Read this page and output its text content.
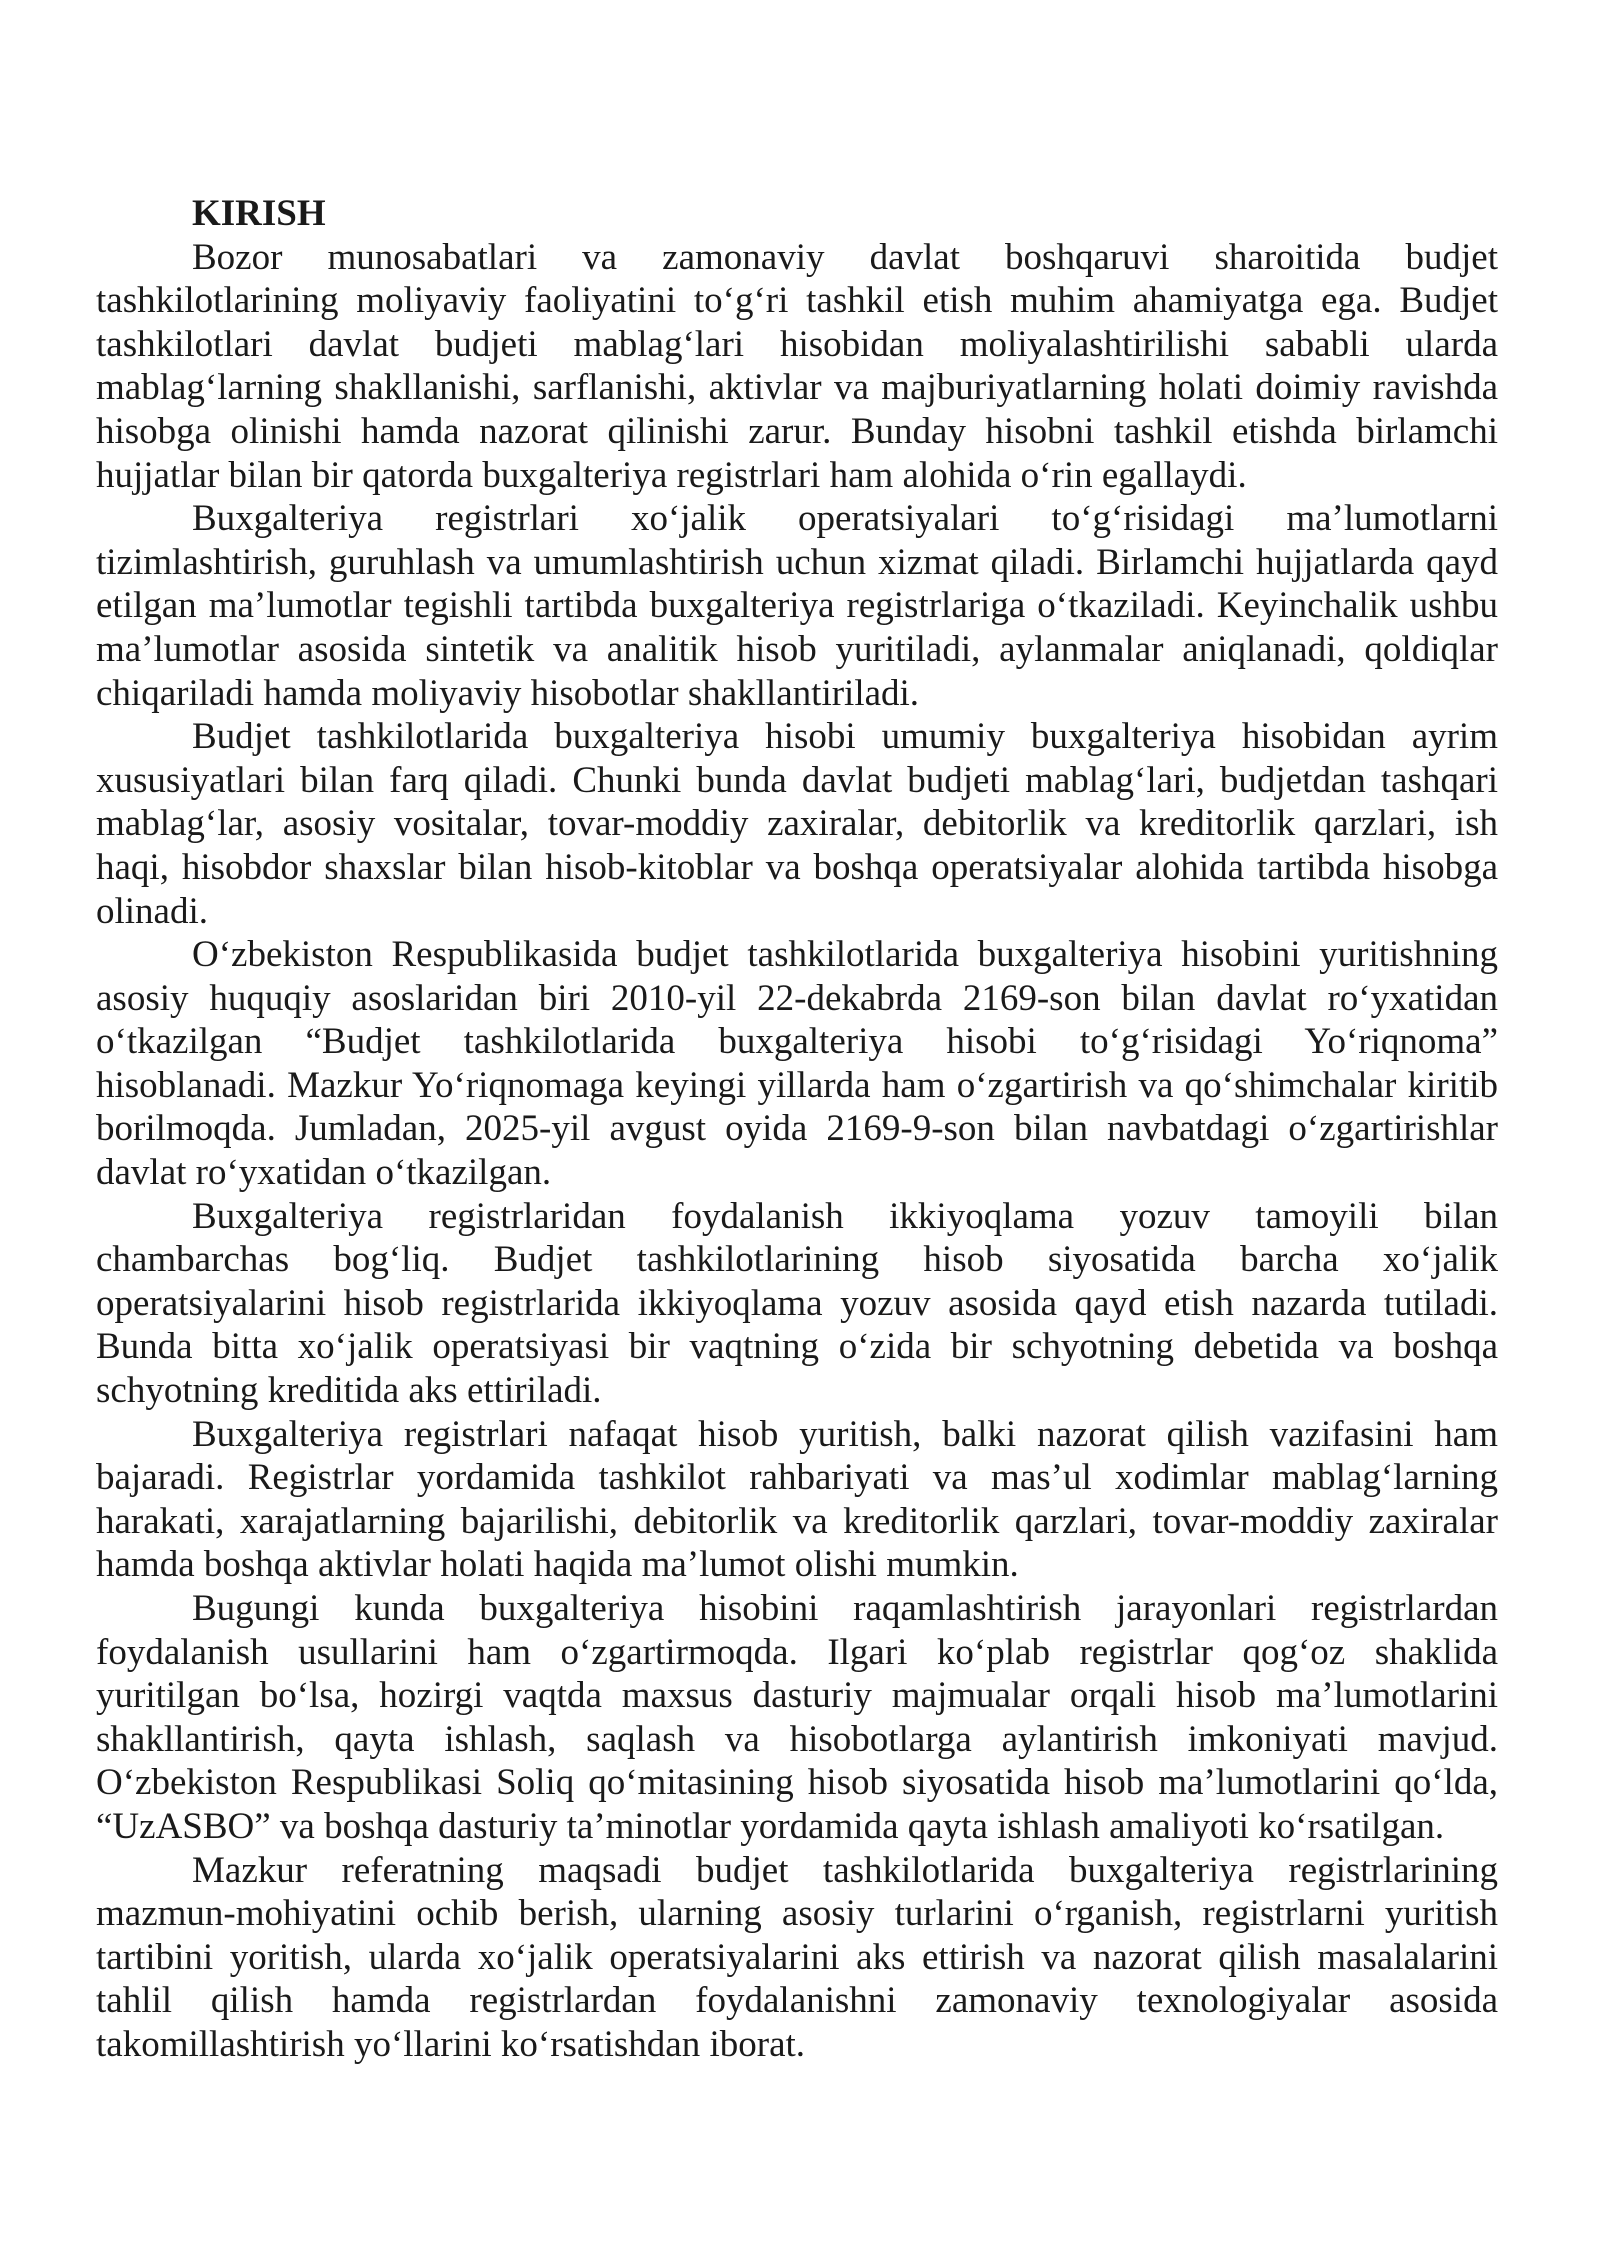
KIRISH
Bozor munosabatlari va zamonaviy davlat boshqaruvi sharoitida budjet
tashkilotlarining moliyaviy faoliyatini to‘g‘ri tashkil etish muhim ahamiyatga ega. Budjet
tashkilotlari davlat budjeti mablag‘lari hisobidan moliyalashtirilishi sababli ularda
mablag‘larning shakllanishi, sarflanishi, aktivlar va majburiyatlarning holati doimiy ravishda
hisobga olinishi hamda nazorat qilinishi zarur. Bunday hisobni tashkil etishda birlamchi
hujjatlar bilan bir qatorda buxgalteriya registrlari ham alohida o‘rin egallaydi.
Buxgalteriya registrlari xo‘jalik operatsiyalari to‘g‘risidagi ma’lumotlarni
tizimlashtirish, guruhlash va umumlashtirish uchun xizmat qiladi. Birlamchi hujjatlarda qayd
etilgan ma’lumotlar tegishli tartibda buxgalteriya registrlariga o‘tkaziladi. Keyinchalik ushbu
ma’lumotlar asosida sintetik va analitik hisob yuritiladi, aylanmalar aniqlanadi, qoldiqlar
chiqariladi hamda moliyaviy hisobotlar shakllantiriladi.
Budjet tashkilotlarida buxgalteriya hisobi umumiy buxgalteriya hisobidan ayrim
xususiyatlari bilan farq qiladi. Chunki bunda davlat budjeti mablag‘lari, budjetdan tashqari
mablag‘lar, asosiy vositalar, tovar-moddiy zaxiralar, debitorlik va kreditorlik qarzlari, ish
haqi, hisobdor shaxslar bilan hisob-kitoblar va boshqa operatsiyalar alohida tartibda hisobga
olinadi.
O‘zbekiston Respublikasida budjet tashkilotlarida buxgalteriya hisobini yuritishning
asosiy huquqiy asoslaridan biri 2010-yil 22-dekabrda 2169-son bilan davlat ro‘yxatidan
o‘tkazilgan “Budjet tashkilotlarida buxgalteriya hisobi to‘g‘risidagi Yo‘riqnoma”
hisoblanadi. Mazkur Yo‘riqnomaga keyingi yillarda ham o‘zgartirish va qo‘shimchalar kiritib
borilmoqda. Jumladan, 2025-yil avgust oyida 2169-9-son bilan navbatdagi o‘zgartirishlar
davlat ro‘yxatidan o‘tkazilgan.
Buxgalteriya registrlaridan foydalanish ikkiyoqlama yozuv tamoyili bilan
chambarchas bog‘liq. Budjet tashkilotlarining hisob siyosatida barcha xo‘jalik
operatsiyalarini hisob registrlarida ikkiyoqlama yozuv asosida qayd etish nazarda tutiladi.
Bunda bitta xo‘jalik operatsiyasi bir vaqtning o‘zida bir schyotning debetida va boshqa
schyotning kreditida aks ettiriladi.
Buxgalteriya registrlari nafaqat hisob yuritish, balki nazorat qilish vazifasini ham
bajaradi. Registrlar yordamida tashkilot rahbariyati va mas’ul xodimlar mablag‘larning
harakati, xarajatlarning bajarilishi, debitorlik va kreditorlik qarzlari, tovar-moddiy zaxiralar
hamda boshqa aktivlar holati haqida ma’lumot olishi mumkin.
Bugungi kunda buxgalteriya hisobini raqamlashtirish jarayonlari registrlardan
foydalanish usullarini ham o‘zgartirmoqda. Ilgari ko‘plab registrlar qog‘oz shaklida
yuritilgan bo‘lsa, hozirgi vaqtda maxsus dasturiy majmualar orqali hisob ma’lumotlarini
shakllantirish, qayta ishlash, saqlash va hisobotlarga aylantirish imkoniyati mavjud.
O‘zbekiston Respublikasi Soliq qo‘mitasining hisob siyosatida hisob ma’lumotlarini qo‘lda,
“UzASBO” va boshqa dasturiy ta’minotlar yordamida qayta ishlash amaliyoti ko‘rsatilgan.
Mazkur referatning maqsadi budjet tashkilotlarida buxgalteriya registrlarining
mazmun-mohiyatini ochib berish, ularning asosiy turlarini o‘rganish, registrlarni yuritish
tartibini yoritish, ularda xo‘jalik operatsiyalarini aks ettirish va nazorat qilish masalalarini
tahlil qilish hamda registrlardan foydalanishni zamonaviy texnologiyalar asosida
takomillashtirish yo‘llarini ko‘rsatishdan iborat.
